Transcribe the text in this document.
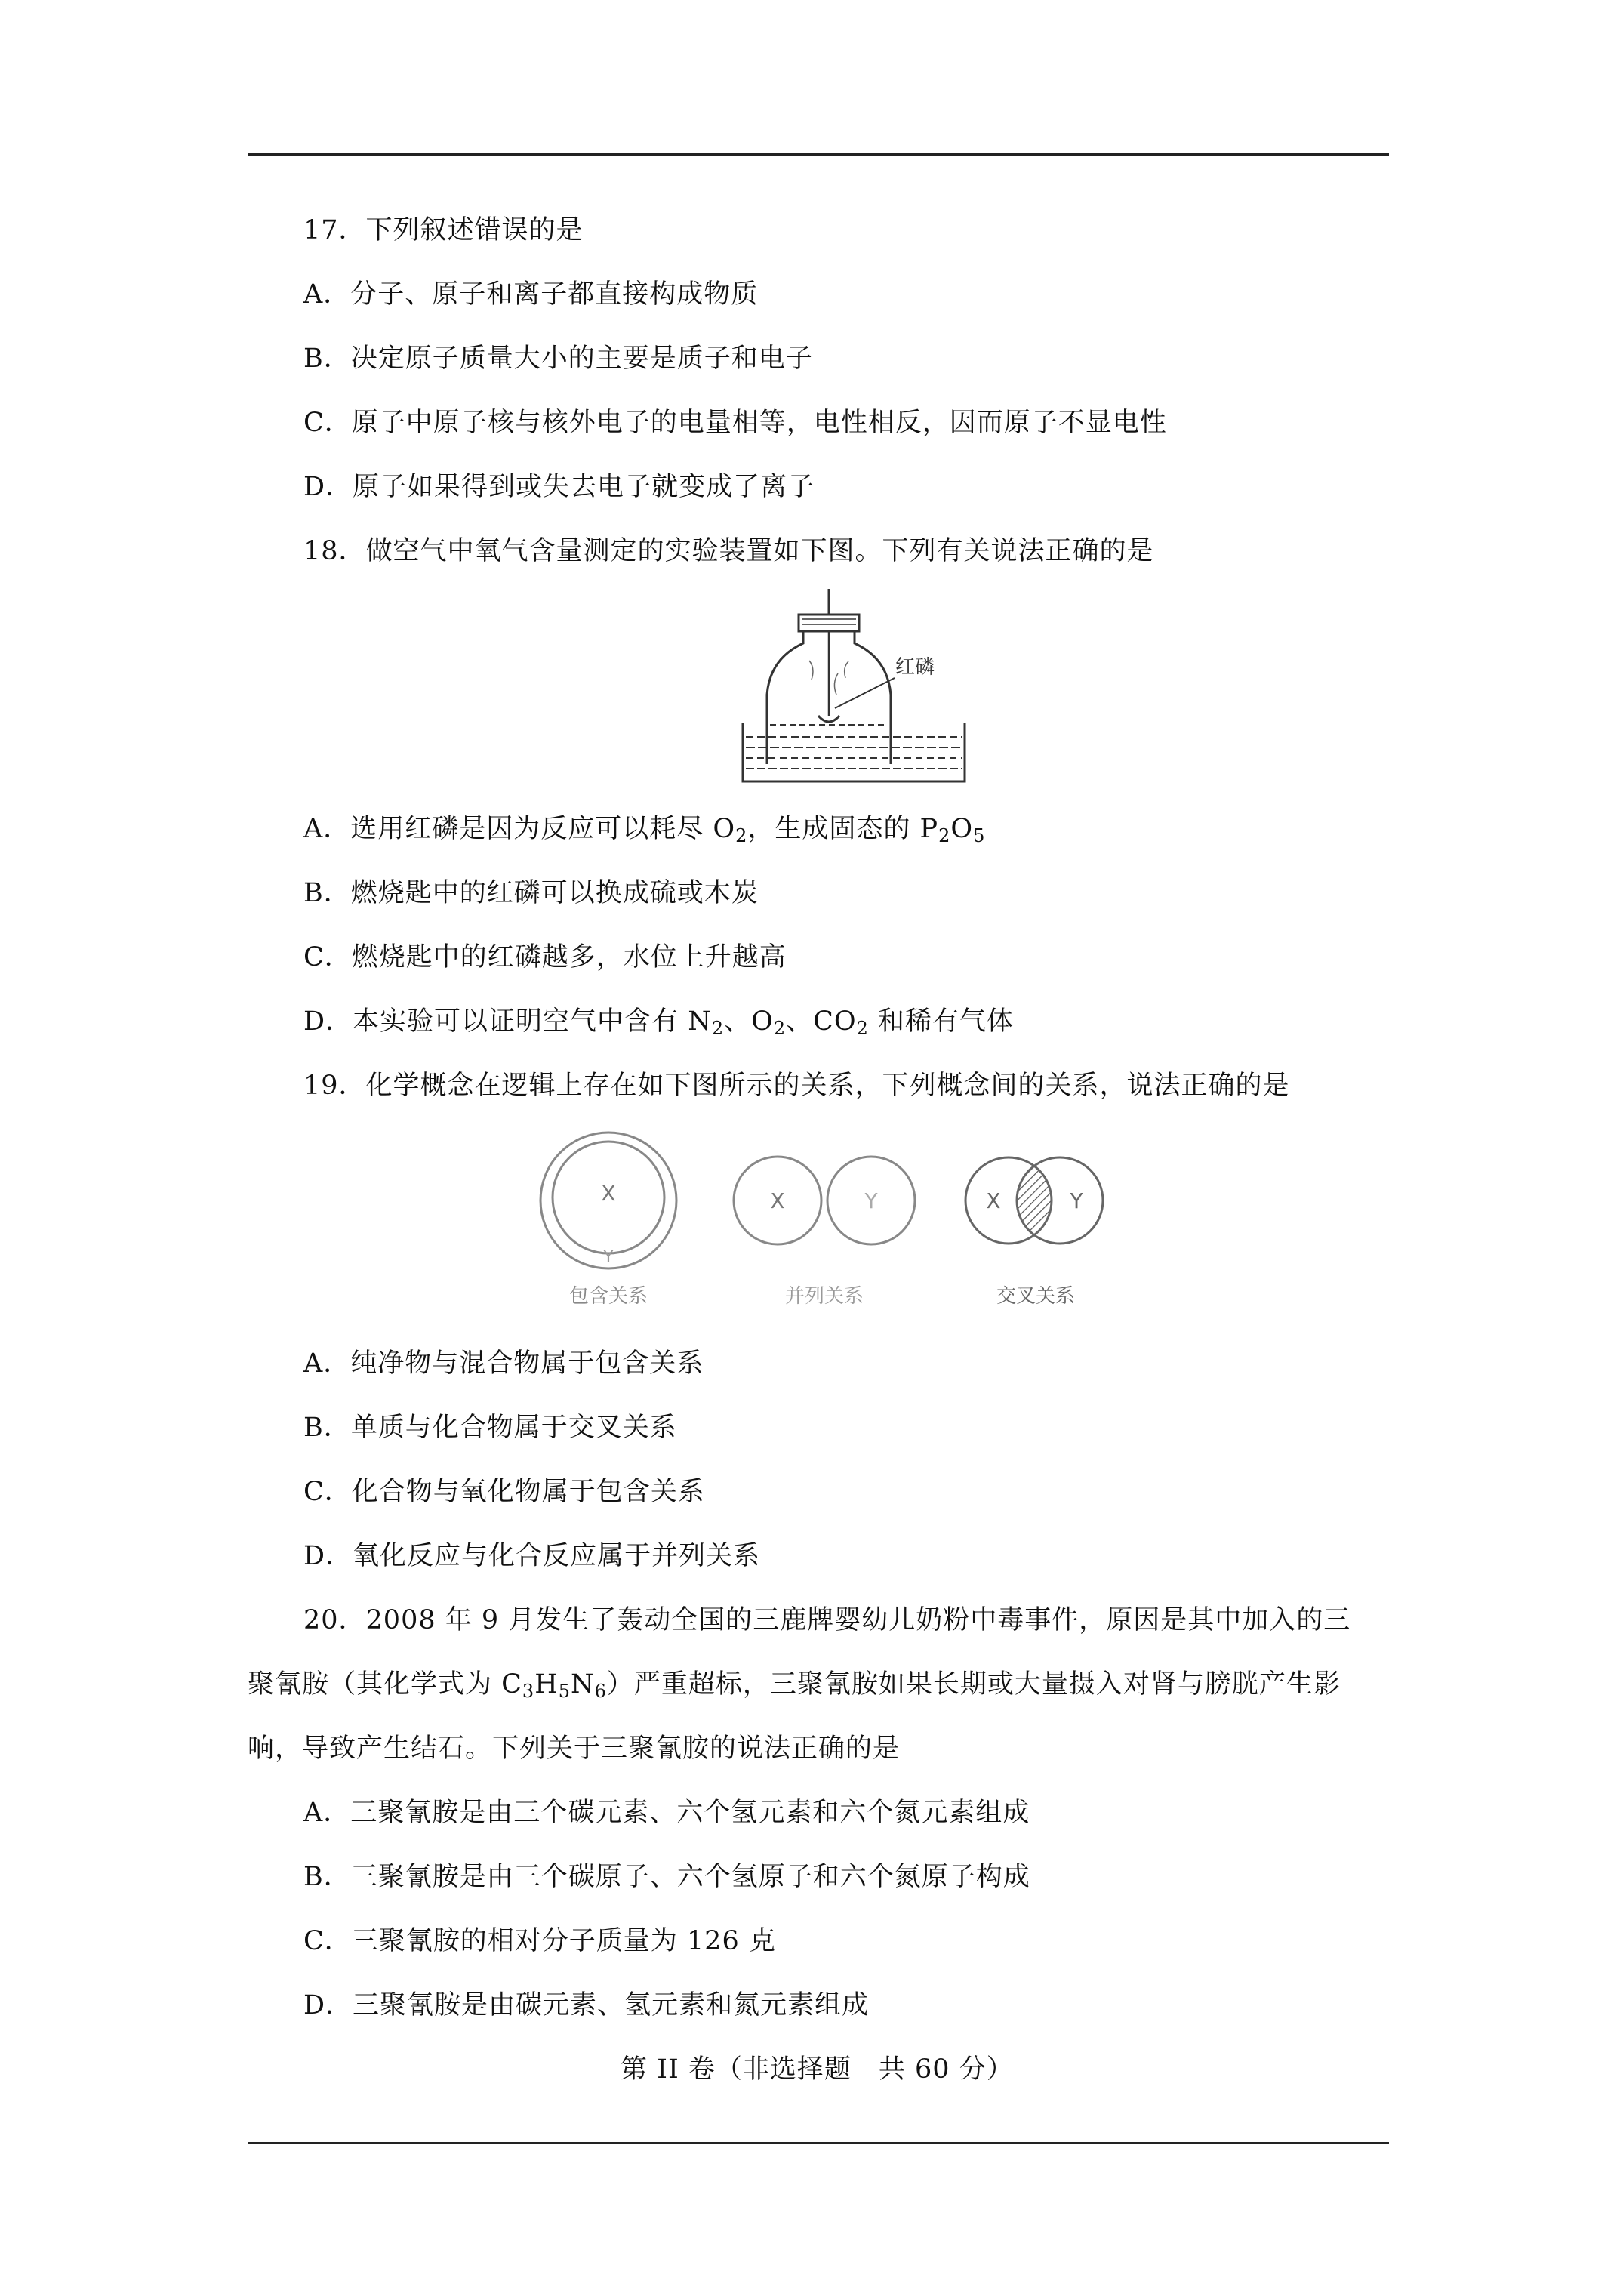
17．下列叙述错误的是
A．分子、原子和离子都直接构成物质
B．决定原子质量大小的主要是质子和电子
C．原子中原子核与核外电子的电量相等，电性相反，因而原子不显电性
D．原子如果得到或失去电子就变成了离子
18．做空气中氧气含量测定的实验装置如下图。下列有关说法正确的是
红磷
A．选用红磷是因为反应可以耗尽 $O_2$，生成固态的 $P_2O_5$
B．燃烧匙中的红磷可以换成硫或木炭
C．燃烧匙中的红磷越多，水位上升越高
D．本实验可以证明空气中含有 $N_2$、$O_2$、$CO_2$ 和稀有气体
19．化学概念在逻辑上存在如下图所示的关系，下列概念间的关系，说法正确的是
X
Y
包含关系
X	Y
并列关系
X	Y
交叉关系
A．纯净物与混合物属于包含关系
B．单质与化合物属于交叉关系
C．化合物与氧化物属于包含关系
D．氧化反应与化合反应属于并列关系
20．2008 年 9 月发生了轰动全国的三鹿牌婴幼儿奶粉中毒事件，原因是其中加入的三
聚氰胺（其化学式为 $C_3H_5N_6$）严重超标，三聚氰胺如果长期或大量摄入对肾与膀胱产生影
响，导致产生结石。下列关于三聚氰胺的说法正确的是
A．三聚氰胺是由三个碳元素、六个氢元素和六个氮元素组成
B．三聚氰胺是由三个碳原子、六个氢原子和六个氮原子构成
C．三聚氰胺的相对分子质量为 126 克
D．三聚氰胺是由碳元素、氢元素和氮元素组成
第 II 卷（非选择题　共 60 分）
